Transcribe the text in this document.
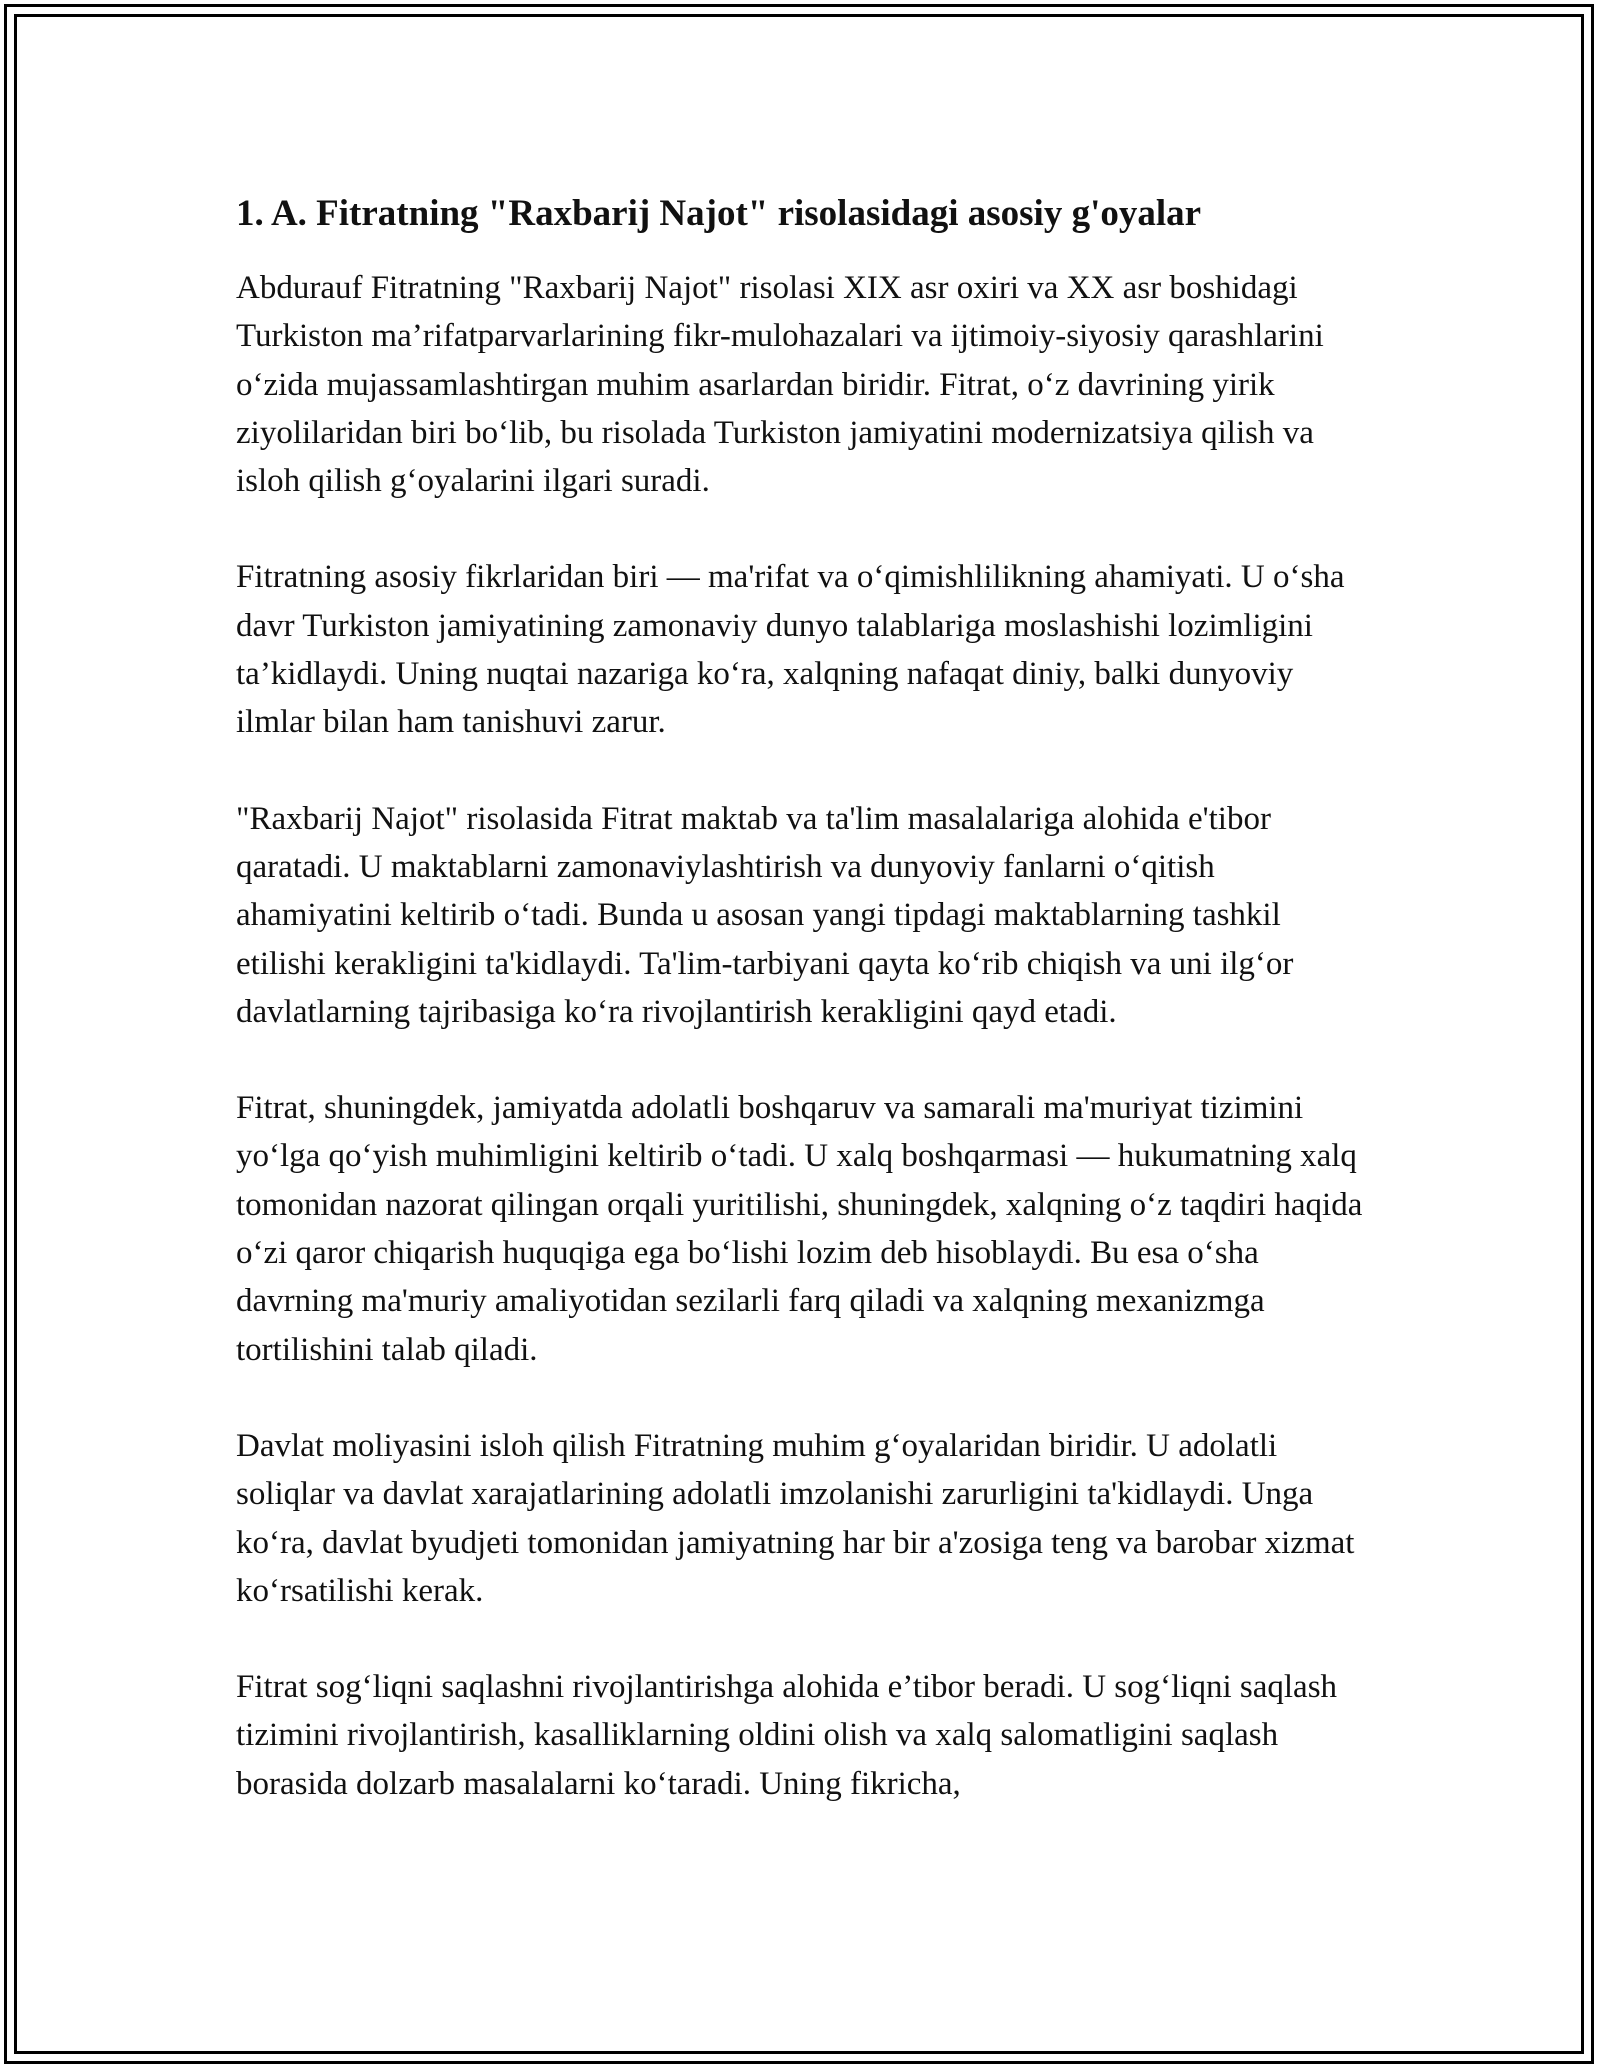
1. A. Fitratning "Raxbarij Najot" risolasidagi asosiy g'oyalar

Abdurauf Fitratning "Raxbarij Najot" risolasi XIX asr oxiri va XX asr boshidagi Turkiston ma’rifatparvarlarining fikr-mulohazalari va ijtimoiy-siyosiy qarashlarini o‘zida mujassamlashtirgan muhim asarlardan biridir. Fitrat, o‘z davrining yirik ziyolilaridan biri bo‘lib, bu risolada Turkiston jamiyatini modernizatsiya qilish va isloh qilish g‘oyalarini ilgari suradi.

Fitratning asosiy fikrlaridan biri — ma'rifat va o‘qimishlilikning ahamiyati. U o‘sha davr Turkiston jamiyatining zamonaviy dunyo talablariga moslashishi lozimligini ta’kidlaydi. Uning nuqtai nazariga ko‘ra, xalqning nafaqat diniy, balki dunyoviy ilmlar bilan ham tanishuvi zarur.

"Raxbarij Najot" risolasida Fitrat maktab va ta'lim masalalariga alohida e'tibor qaratadi. U maktablarni zamonaviylashtirish va dunyoviy fanlarni o‘qitish ahamiyatini keltirib o‘tadi. Bunda u asosan yangi tipdagi maktablarning tashkil etilishi kerakligini ta'kidlaydi. Ta'lim-tarbiyani qayta ko‘rib chiqish va uni ilg‘or davlatlarning tajribasiga ko‘ra rivojlantirish kerakligini qayd etadi.

Fitrat, shuningdek, jamiyatda adolatli boshqaruv va samarali ma'muriyat tizimini yo‘lga qo‘yish muhimligini keltirib o‘tadi. U xalq boshqarmasi — hukumatning xalq tomonidan nazorat qilingan orqali yuritilishi, shuningdek, xalqning o‘z taqdiri haqida o‘zi qaror chiqarish huquqiga ega bo‘lishi lozim deb hisoblaydi. Bu esa o‘sha davrning ma'muriy amaliyotidan sezilarli farq qiladi va xalqning mexanizmga tortilishini talab qiladi.

Davlat moliyasini isloh qilish Fitratning muhim g‘oyalaridan biridir. U adolatli soliqlar va davlat xarajatlarining adolatli imzolanishi zarurligini ta'kidlaydi. Unga ko‘ra, davlat byudjeti tomonidan jamiyatning har bir a'zosiga teng va barobar xizmat ko‘rsatilishi kerak.

Fitrat sog‘liqni saqlashni rivojlantirishga alohida e’tibor beradi. U sog‘liqni saqlash tizimini rivojlantirish, kasalliklarning oldini olish va xalq salomatligini saqlash borasida dolzarb masalalarni ko‘taradi. Uning fikricha,
